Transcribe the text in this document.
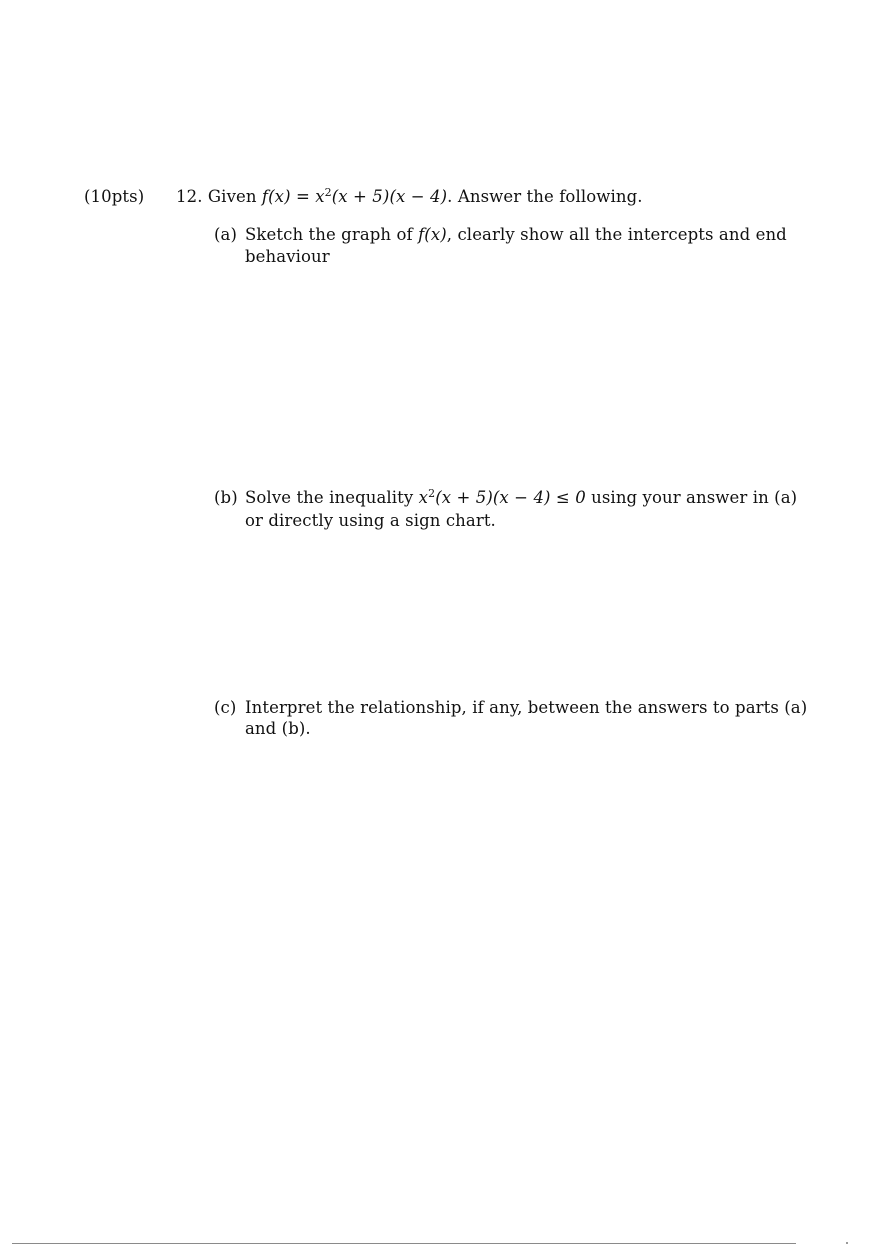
(10pts) 12. Given $f(x) = x^2(x + 5)(x - 4)$. Answer the following.
(a) Sketch the graph of f(x), clearly show all the intercepts and end
behaviour
(b) Solve the inequality $x^2(x + 5)(x - 4) \le 0$ using your answer in (a)
or directly using a sign chart.
(c) Interpret the relationship, if any, between the answers to parts (a)
and (b).
